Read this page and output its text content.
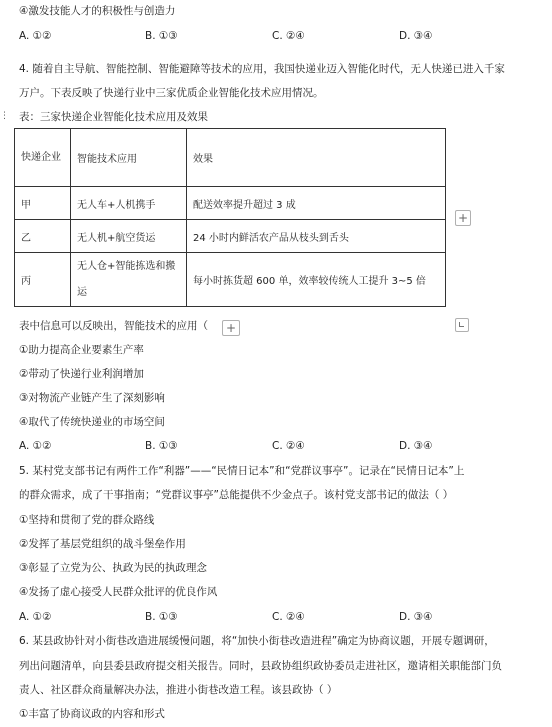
④激发技能人才的积极性与创造力
A. ①②	B. ①③	C. ②④	D. ③④
4. 随着自主导航、智能控制、智能避障等技术的应用，我国快递业迈入智能化时代，无人快递已进入千家
万户。下表反映了快递行业中三家优质企业智能化技术应用情况。
⋮ 表：三家快递企业智能化技术应用及效果
快递企业	智能技术应用	效果
甲	无人车+人机携手	配送效率提升超过 3 成
乙	无人机+航空货运	24 小时内鲜活农产品从枝头到舌头
丙	无人仓+智能拣选和搬运	每小时拣货超 600 单，效率较传统人工提升 3~5 倍
+
表中信息可以反映出，智能技术的应用（	+
①助力提高企业要素生产率
②带动了快递行业利润增加
③对物流产业链产生了深刻影响
④取代了传统快递业的市场空间
A. ①②	B. ①③	C. ②④	D. ③④
5. 某村党支部书记有两件工作“利器”——“民情日记本”和“党群议事亭”。记录在“民情日记本”上
的群众需求，成了干事指南；“党群议事亭”总能提供不少金点子。该村党支部书记的做法（ ）
①坚持和贯彻了党的群众路线
②发挥了基层党组织的战斗堡垒作用
③彰显了立党为公、执政为民的执政理念
④发扬了虚心接受人民群众批评的优良作风
A. ①②	B. ①③	C. ②④	D. ③④
6. 某县政协针对小街巷改造进展缓慢问题，将“加快小街巷改造进程”确定为协商议题，开展专题调研，
列出问题清单，向县委县政府提交相关报告。同时，县政协组织政协委员走进社区，邀请相关职能部门负
责人、社区群众商量解决办法，推进小街巷改造工程。该县政协（ ）
①丰富了协商议政的内容和形式
